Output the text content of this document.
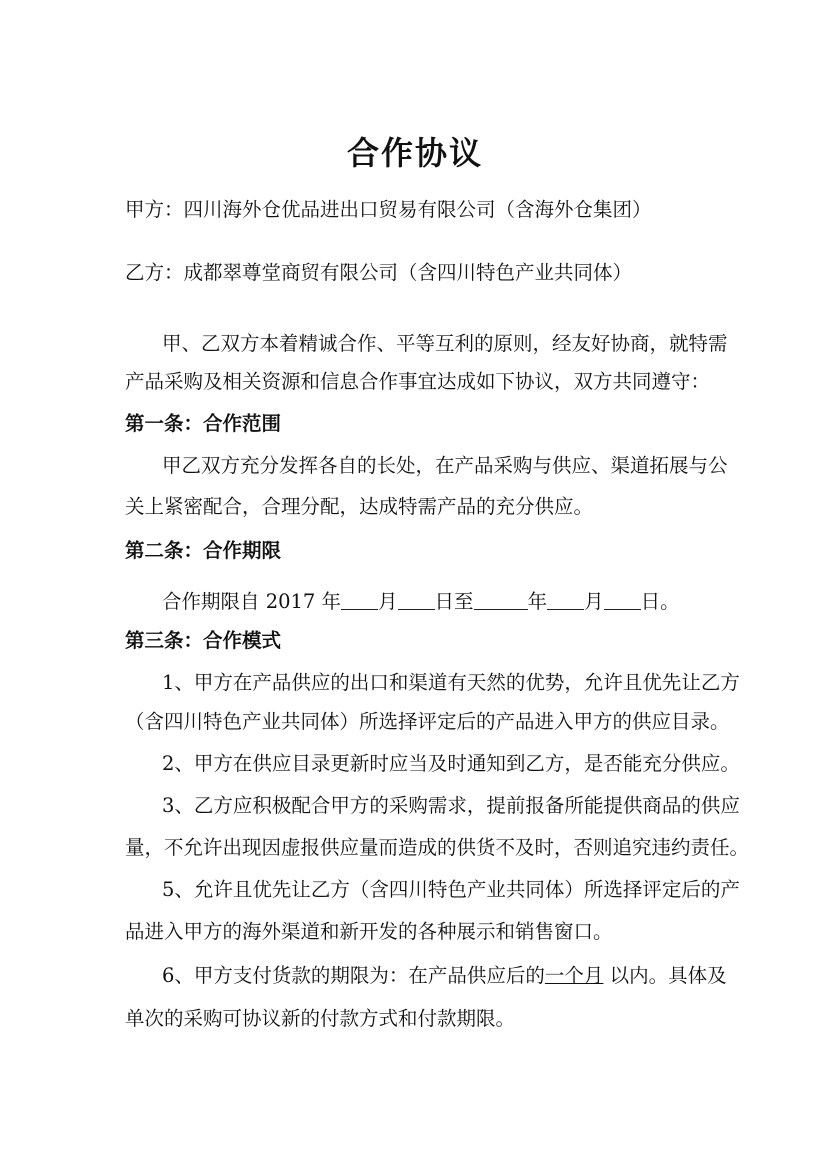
合作协议
甲方：四川海外仓优品进出口贸易有限公司（含海外仓集团）
乙方：成都翠尊堂商贸有限公司（含四川特色产业共同体）
甲、乙双方本着精诚合作、平等互利的原则，经友好协商，就特需
产品采购及相关资源和信息合作事宜达成如下协议，双方共同遵守：
第一条：合作范围
甲乙双方充分发挥各自的长处，在产品采购与供应、渠道拓展与公
关上紧密配合，合理分配，达成特需产品的充分供应。
第二条：合作期限
合作期限自 2017 年 月 日至	年 月 日。
第三条：合作模式
1、甲方在产品供应的出口和渠道有天然的优势，允许且优先让乙方
（含四川特色产业共同体）所选择评定后的产品进入甲方的供应目录。
2、甲方在供应目录更新时应当及时通知到乙方，是否能充分供应。
3、乙方应积极配合甲方的采购需求，提前报备所能提供商品的供应
量，不允许出现因虚报供应量而造成的供货不及时，否则追究违约责任。
5、允许且优先让乙方（含四川特色产业共同体）所选择评定后的产
品进入甲方的海外渠道和新开发的各种展示和销售窗口。
6、甲方支付货款的期限为：在产品供应后的一个月 以内。具体及
单次的采购可协议新的付款方式和付款期限。
